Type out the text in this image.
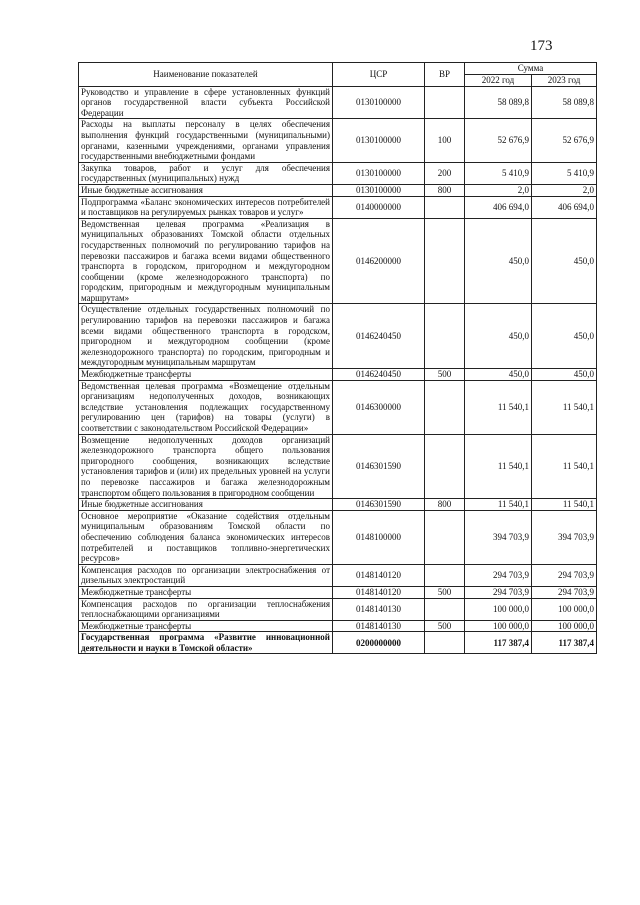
173
Наименование показателей	ЦСР	ВР	Сумма	
			2022 год	2023 год
Руководство и управление в сфере установленных функций органов государственной власти субъекта Российской Федерации	0130100000		58 089,8	58 089,8
Расходы на выплаты персоналу в целях обеспечения выполнения функций государственными (муниципальными) органами, казенными учреждениями, органами управления государственными внебюджетными фондами	0130100000	100	52 676,9	52 676,9
Закупка товаров, работ и услуг для обеспечения государственных (муниципальных) нужд	0130100000	200	5 410,9	5 410,9
Иные бюджетные ассигнования	0130100000	800	2,0	2,0
Подпрограмма «Баланс экономических интересов потребителей и поставщиков на регулируемых рынках товаров и услуг»	0140000000		406 694,0	406 694,0
Ведомственная целевая программа «Реализация в муниципальных образованиях Томской области отдельных государственных полномочий по регулированию тарифов на перевозки пассажиров и багажа всеми видами общественного транспорта в городском, пригородном и междугородном сообщении (кроме железнодорожного транспорта) по городским, пригородным и междугородным муниципальным маршрутам»	0146200000		450,0	450,0
Осуществление отдельных государственных полномочий по регулированию тарифов на перевозки пассажиров и багажа всеми видами общественного транспорта в городском, пригородном и междугородном сообщении (кроме железнодорожного транспорта) по городским, пригородным и междугородным муниципальным маршрутам	0146240450		450,0	450,0
Межбюджетные трансферты	0146240450	500	450,0	450,0
Ведомственная целевая программа «Возмещение отдельным организациям недополученных доходов, возникающих вследствие установления подлежащих государственному регулированию цен (тарифов) на товары (услуги) в соответствии с законодательством Российской Федерации»	0146300000		11 540,1	11 540,1
Возмещение недополученных доходов организаций железнодорожного транспорта общего пользования пригородного сообщения, возникающих вследствие установления тарифов и (или) их предельных уровней на услуги по перевозке пассажиров и багажа железнодорожным транспортом общего пользования в пригородном сообщении	0146301590		11 540,1	11 540,1
Иные бюджетные ассигнования	0146301590	800	11 540,1	11 540,1
Основное мероприятие «Оказание содействия отдельным муниципальным образованиям Томской области по обеспечению соблюдения баланса экономических интересов потребителей и поставщиков топливно-энергетических ресурсов»	0148100000		394 703,9	394 703,9
Компенсация расходов по организации электроснабжения от дизельных электростанций	0148140120		294 703,9	294 703,9
Межбюджетные трансферты	0148140120	500	294 703,9	294 703,9
Компенсация расходов по организации теплоснабжения теплоснабжающими организациями	0148140130		100 000,0	100 000,0
Межбюджетные трансферты	0148140130	500	100 000,0	100 000,0
Государственная программа «Развитие инновационной деятельности и науки в Томской области»	0200000000		117 387,4	117 387,4
